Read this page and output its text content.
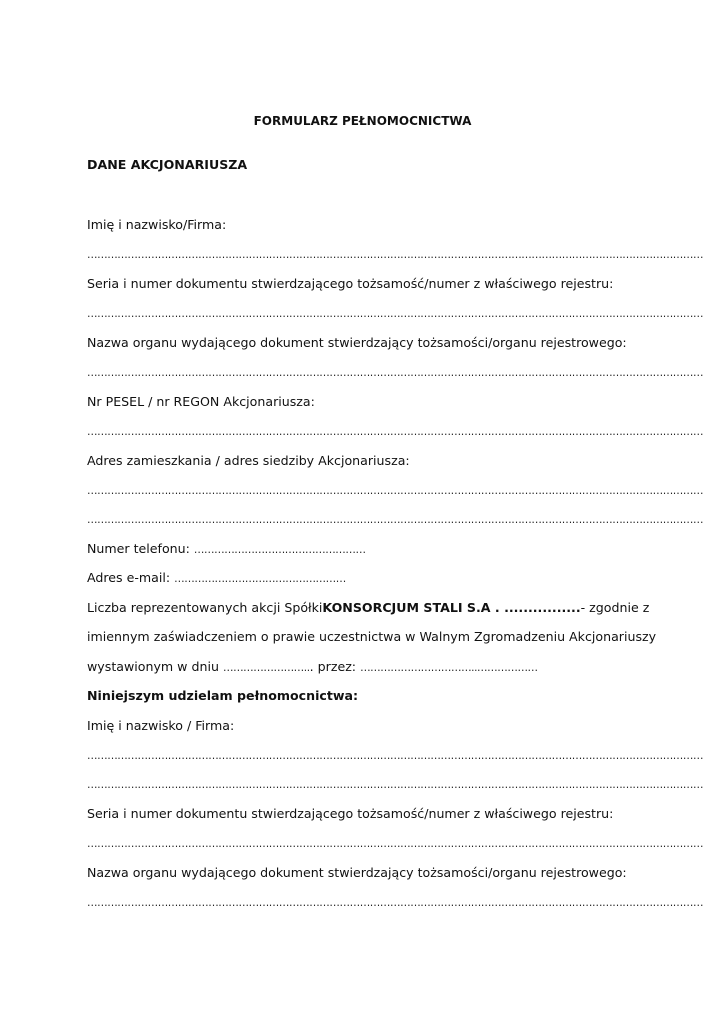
FORMULARZ PEŁNOMOCNICTWA
DANE AKCJONARIUSZA
Imię i nazwisko/Firma:
…………………………………………………………………………………………………………………………………………………………………
Seria i numer dokumentu stwierdzającego tożsamość/numer z właściwego rejestru:
…………………………………………………………………………………………………………………………………………………………………
Nazwa organu wydającego dokument stwierdzający tożsamości/organu rejestrowego:
…………………………………………………………………………………………………………………………………………………………………
Nr PESEL / nr REGON Akcjonariusza:
…………………………………………………………………………………………………………………………………………………………………
Adres zamieszkania / adres siedziby Akcjonariusza:
…………………………………………………………………………………………………………………………………………………………………
…………………………………………………………………………………………………………………………………………………………………
Numer telefonu: ……………………………………………
Adres e-mail: ……………………………………………
Liczba reprezentowanych akcji Spółki KONSORCJUM STALI S.A . ................ - zgodnie z
imiennym zaświadczeniem o prawie uczestnictwa w Walnym Zgromadzeniu Akcjonariuszy
wystawionym w dniu ……………………... przez: ……………………………..………………
Niniejszym udzielam pełnomocnictwa:
Imię i nazwisko / Firma:
…………………………………………………………………………………………………………………………………………………………………
…………………………………………………………………………………………………………………………………………………………………
Seria i numer dokumentu stwierdzającego tożsamość/numer z właściwego rejestru:
…………………………………………………………………………………………………………………………………………………………………
Nazwa organu wydającego dokument stwierdzający tożsamości/organu rejestrowego:
…………………………………………………………………………………………………………………………………………………………………
